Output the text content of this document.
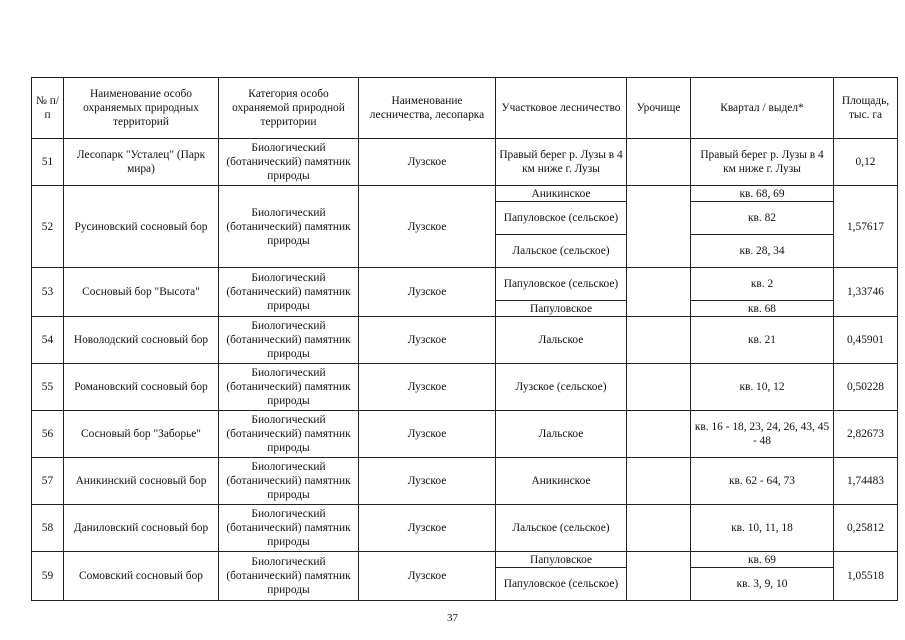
№ п/п	Наименование особо охраняемых природных территорий	Категория особо охраняемой природной территории	Наименование лесничества, лесопарка	Участковое лесничество	Урочище	Квартал / выдел*	Площадь, тыс. га
51	Лесопарк "Усталец" (Парк мира)	Биологический (ботанический) памятник природы	Лузское	Правый берег р. Лузы в 4 км ниже г. Лузы		Правый берег р. Лузы в 4 км ниже г. Лузы	0,12
52	Русиновский сосновый бор	Биологический (ботанический) памятник природы	Лузское	Аникинское		кв. 68, 69	1,57617
				Папуловское (сельское)		кв. 82	
				Лальское (сельское)		кв. 28, 34	
53	Сосновый бор "Высота"	Биологический (ботанический) памятник природы	Лузское	Папуловское (сельское)		кв. 2	1,33746
				Папуловское		кв. 68	
54	Новолодский сосновый бор	Биологический (ботанический) памятник природы	Лузское	Лальское		кв. 21	0,45901
55	Романовский сосновый бор	Биологический (ботанический) памятник природы	Лузское	Лузское (сельское)		кв. 10, 12	0,50228
56	Сосновый бор "Заборье"	Биологический (ботанический) памятник природы	Лузское	Лальское		кв. 16 - 18, 23, 24, 26, 43, 45 - 48	2,82673
57	Аникинский сосновый бор	Биологический (ботанический) памятник природы	Лузское	Аникинское		кв. 62 - 64, 73	1,74483
58	Даниловский сосновый бор	Биологический (ботанический) памятник природы	Лузское	Лальское (сельское)		кв. 10, 11, 18	0,25812
59	Сомовский сосновый бор	Биологический (ботанический) памятник природы	Лузское	Папуловское		кв. 69	1,05518
				Папуловское (сельское)		кв. 3, 9, 10	
37
